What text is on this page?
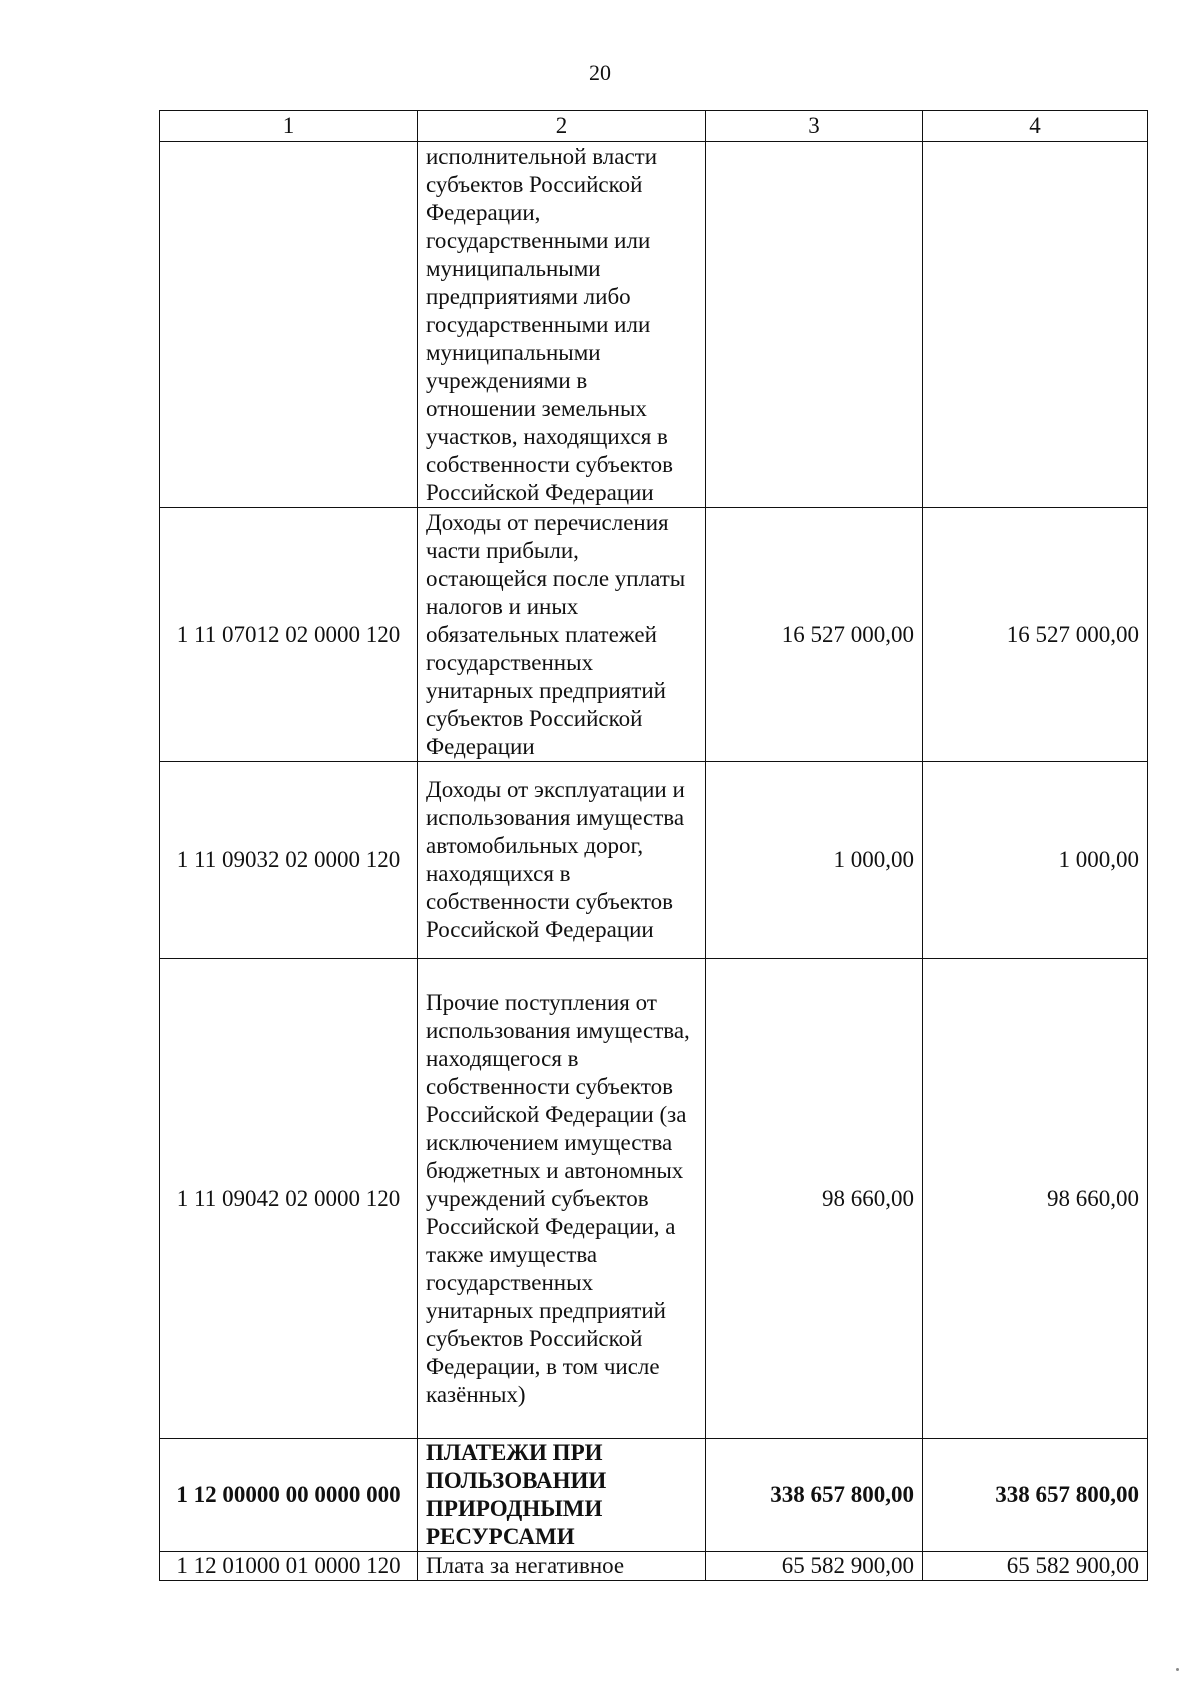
20
1	2	3	4
	исполнительной власти субъектов Российской Федерации, государственными или муниципальными предприятиями либо государственными или муниципальными учреждениями в отношении земельных участков, находящихся в собственности субъектов Российской Федерации		
1 11 07012 02 0000 120	Доходы от перечисления части прибыли, остающейся после уплаты налогов и иных обязательных платежей государственных унитарных предприятий субъектов Российской Федерации	16 527 000,00	16 527 000,00
1 11 09032 02 0000 120	Доходы от эксплуатации и использования имущества автомобильных дорог, находящихся в собственности субъектов Российской Федерации	1 000,00	1 000,00
1 11 09042 02 0000 120	Прочие поступления от использования имущества, находящегося в собственности субъектов Российской Федерации (за исключением имущества бюджетных и автономных учреждений субъектов Российской Федерации, а также имущества государственных унитарных предприятий субъектов Российской Федерации, в том числе казённых)	98 660,00	98 660,00
1 12 00000 00 0000 000	ПЛАТЕЖИ ПРИ ПОЛЬЗОВАНИИ ПРИРОДНЫМИ РЕСУРСАМИ	338 657 800,00	338 657 800,00
1 12 01000 01 0000 120	Плата за негативное	65 582 900,00	65 582 900,00
